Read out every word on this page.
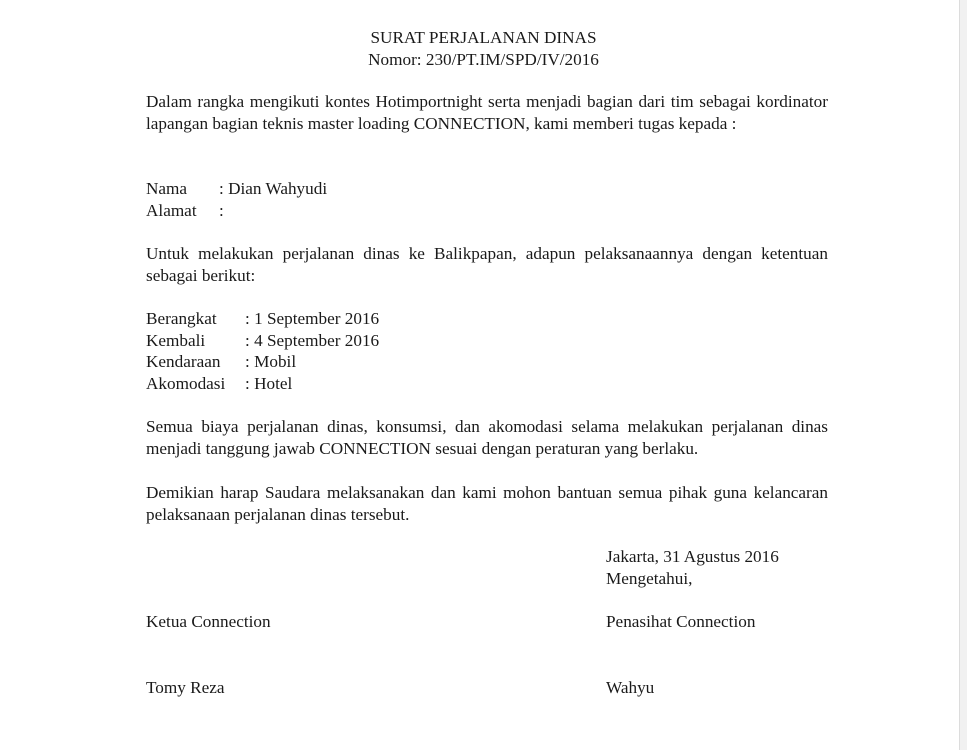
SURAT PERJALANAN DINAS
Nomor: 230/PT.IM/SPD/IV/2016
Dalam rangka mengikuti kontes Hotimportnight serta menjadi bagian dari tim sebagai kordinator lapangan bagian teknis master loading CONNECTION, kami memberi tugas kepada :
Nama : Dian Wahyudi
Alamat :
Untuk melakukan perjalanan dinas ke Balikpapan, adapun pelaksanaannya dengan ketentuan sebagai berikut:
Berangkat : 1 September 2016
Kembali : 4 September 2016
Kendaraan : Mobil
Akomodasi : Hotel
Semua biaya perjalanan dinas, konsumsi, dan akomodasi selama melakukan perjalanan dinas menjadi tanggung jawab CONNECTION sesuai dengan peraturan yang berlaku.
Demikian harap Saudara melaksanakan dan kami mohon bantuan semua pihak guna kelancaran pelaksanaan perjalanan dinas tersebut.
Jakarta, 31 Agustus 2016
Mengetahui,
Ketua Connection	Penasihat Connection
Tomy Reza	Wahyu
